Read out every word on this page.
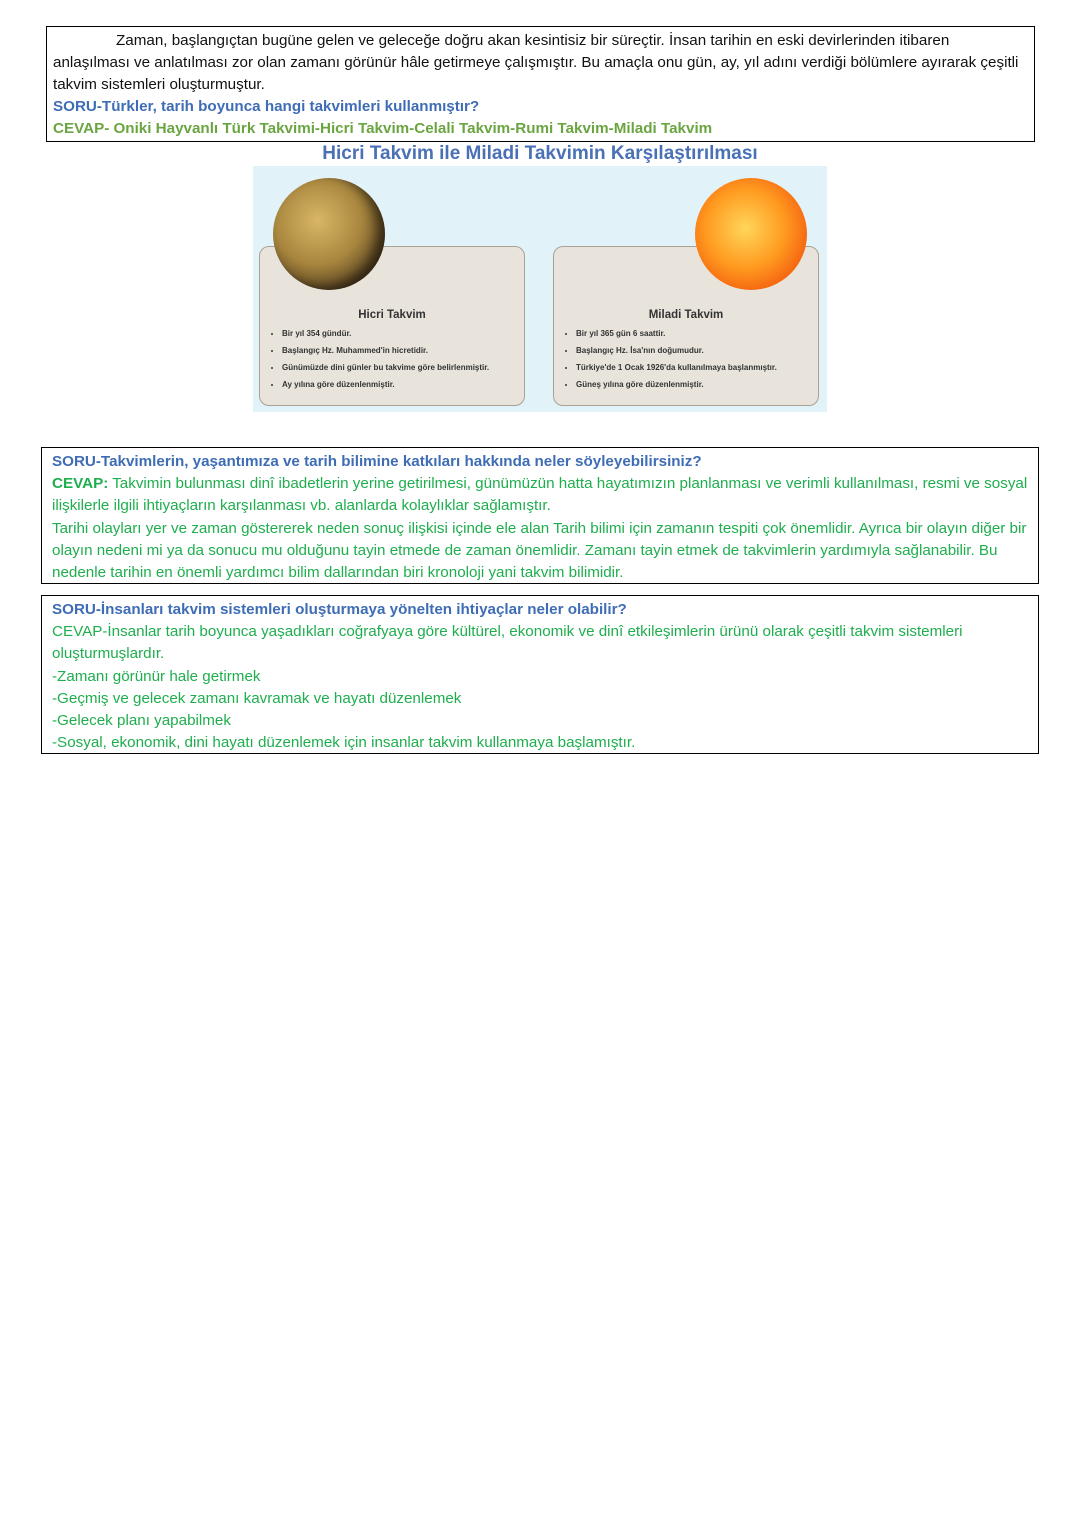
Zaman, başlangıçtan bugüne gelen ve geleceğe doğru akan kesintisiz bir süreçtir. İnsan tarihin en eski devirlerinden itibaren anlaşılması ve anlatılması zor olan zamanı görünür hâle getirmeye çalışmıştır. Bu amaçla onu gün, ay, yıl adını verdiği bölümlere ayırarak çeşitli takvim sistemleri oluşturmuştur.

SORU-Türkler, tarih boyunca hangi takvimleri kullanmıştır?

CEVAP- Oniki Hayvanlı Türk Takvimi-Hicri Takvim-Celali Takvim-Rumi Takvim-Miladi Takvim

Hicri Takvim ile Miladi Takvimin Karşılaştırılması
Hicri Takvim
• Bir yıl 354 gündür.
• Başlangıç Hz. Muhammed'in hicretidir.
• Günümüzde dini günler bu takvime göre belirlenmiştir.
• Ay yılına göre düzenlenmiştir.
Miladi Takvim
• Bir yıl 365 gün 6 saattir.
• Başlangıç Hz. İsa'nın doğumudur.
• Türkiye'de 1 Ocak 1926'da kullanılmaya başlanmıştır.
• Güneş yılına göre düzenlenmiştir.

SORU-Takvimlerin, yaşantımıza ve tarih bilimine katkıları hakkında neler söyleyebilirsiniz?

CEVAP: Takvimin bulunması dinî ibadetlerin yerine getirilmesi, günümüzün hatta hayatımızın planlanması ve verimli kullanılması, resmi ve sosyal ilişkilerle ilgili ihtiyaçların karşılanması vb. alanlarda kolaylıklar sağlamıştır.

Tarihi olayları yer ve zaman göstererek neden sonuç ilişkisi içinde ele alan Tarih bilimi için zamanın tespiti çok önemlidir. Ayrıca bir olayın diğer bir olayın nedeni mi ya da sonucu mu olduğunu tayin etmede de zaman önemlidir. Zamanı tayin etmek de takvimlerin yardımıyla sağlanabilir. Bu nedenle tarihin en önemli yardımcı bilim dallarından biri kronoloji yani takvim bilimidir.

SORU-İnsanları takvim sistemleri oluşturmaya yönelten ihtiyaçlar neler olabilir?

CEVAP-İnsanlar tarih boyunca yaşadıkları coğrafyaya göre kültürel, ekonomik ve dinî etkileşimlerin ürünü olarak çeşitli takvim sistemleri oluşturmuşlardır.

-Zamanı görünür hale getirmek

-Geçmiş ve gelecek zamanı kavramak ve hayatı düzenlemek

-Gelecek planı yapabilmek

-Sosyal, ekonomik, dini hayatı düzenlemek için insanlar takvim kullanmaya başlamıştır.
